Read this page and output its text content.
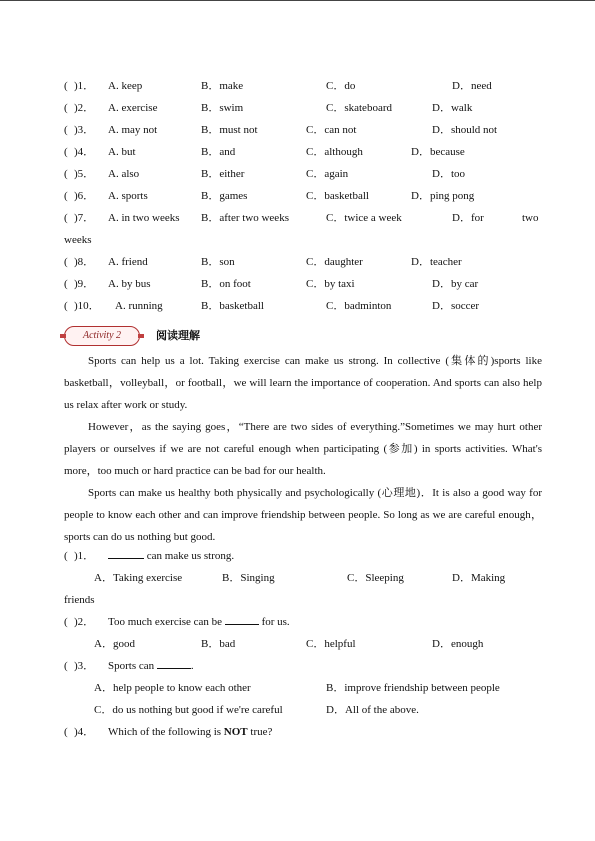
( )1． A. keep	B．make	C．do	D．need
( )2． A. exercise	B．swim	C．skateboard	D．walk
( )3． A. may not	B．must not	C．can not	D．should not
( )4． A. but	B．and	C．although	D．because
( )5． A. also	B．either	C．again	D．too
( )6． A. sports	B．games	C．basketball	D．ping pong
( )7． A. in two weeks B．after two weeks	C．twice a week	D．for	two
weeks
( )8． A. friend	B．son	C．daughter	D．teacher
( )9． A. by bus	B．on foot	C．by taxi	D．by car
( )10． A. running	B．basketball	C．badminton	D．soccer
Activity 2	阅读理解
Sports can help us a lot. Taking exercise can make us strong. In collective (集体的)sports like basketball，volleyball，or football，we will learn the importance of cooperation. And sports can also help us relax after work or study.
However，as the saying goes，“There are two sides of everything.”Sometimes we may hurt other players or ourselves if we are not careful enough when participating (参加) in sports activities. What's more，too much or hard practice can be bad for our health.
Sports can make us healthy both physically and psychologically (心理地)．It is also a good way for people to know each other and can improve friendship between people. So long as we are careful enough，sports can do us nothing but good.
( )1．	can make us strong.
A．Taking exercise	B．Singing	C．Sleeping	D．Making
friends
( )2． Too much exercise can be	for us.
A．good	B．bad	C．helpful	D．enough
( )3． Sports can	.
A．help people to know each other	B．improve friendship between people
C．do us nothing but good if we're careful	D．All of the above.
( )4． Which of the following is NOT true?
